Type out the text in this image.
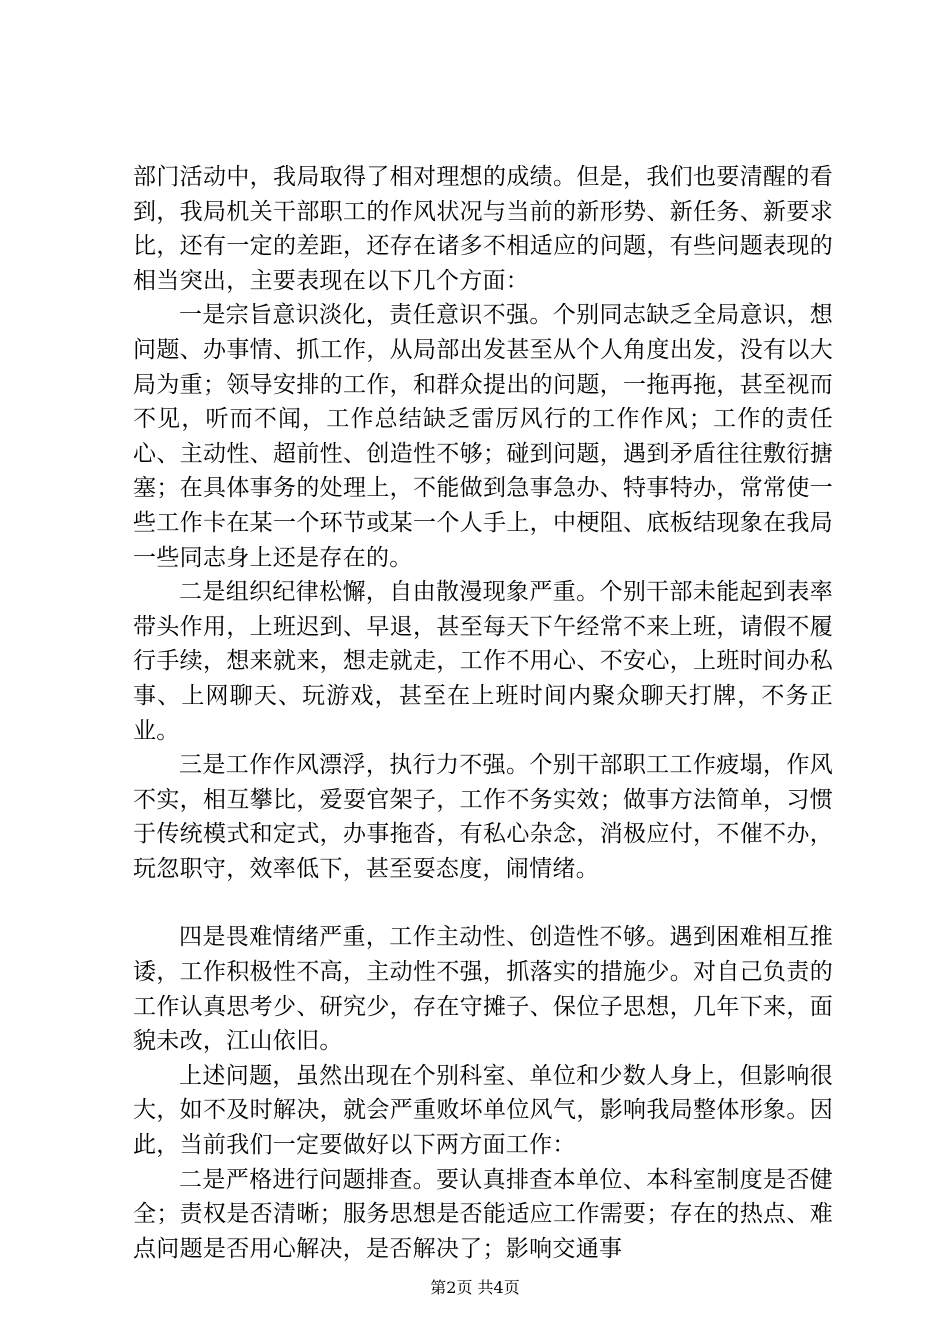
部门活动中，我局取得了相对理想的成绩。但是，我们也要清醒的看到，我局机关干部职工的作风状况与当前的新形势、新任务、新要求比，还有一定的差距，还存在诸多不相适应的问题，有些问题表现的相当突出，主要表现在以下几个方面：

一是宗旨意识淡化，责任意识不强。个别同志缺乏全局意识，想问题、办事情、抓工作，从局部出发甚至从个人角度出发，没有以大局为重；领导安排的工作，和群众提出的问题，一拖再拖，甚至视而不见，听而不闻，工作总结缺乏雷厉风行的工作作风；工作的责任心、主动性、超前性、创造性不够；碰到问题，遇到矛盾往往敷衍搪塞；在具体事务的处理上，不能做到急事急办、特事特办，常常使一些工作卡在某一个环节或某一个人手上，中梗阻、底板结现象在我局一些同志身上还是存在的。

二是组织纪律松懈，自由散漫现象严重。个别干部未能起到表率带头作用，上班迟到、早退，甚至每天下午经常不来上班，请假不履行手续，想来就来，想走就走，工作不用心、不安心，上班时间办私事、上网聊天、玩游戏，甚至在上班时间内聚众聊天打牌，不务正业。

三是工作作风漂浮，执行力不强。个别干部职工工作疲塌，作风不实，相互攀比，爱耍官架子，工作不务实效；做事方法简单，习惯于传统模式和定式，办事拖沓，有私心杂念，消极应付，不催不办，玩忽职守，效率低下，甚至耍态度，闹情绪。

四是畏难情绪严重，工作主动性、创造性不够。遇到困难相互推诿，工作积极性不高，主动性不强，抓落实的措施少。对自己负责的工作认真思考少、研究少，存在守摊子、保位子思想，几年下来，面貌未改，江山依旧。

上述问题，虽然出现在个别科室、单位和少数人身上，但影响很大，如不及时解决，就会严重败坏单位风气，影响我局整体形象。因此，当前我们一定要做好以下两方面工作：

二是严格进行问题排查。要认真排查本单位、本科室制度是否健全；责权是否清晰；服务思想是否能适应工作需要；存在的热点、难点问题是否用心解决，是否解决了；影响交通事

第2页 共4页
